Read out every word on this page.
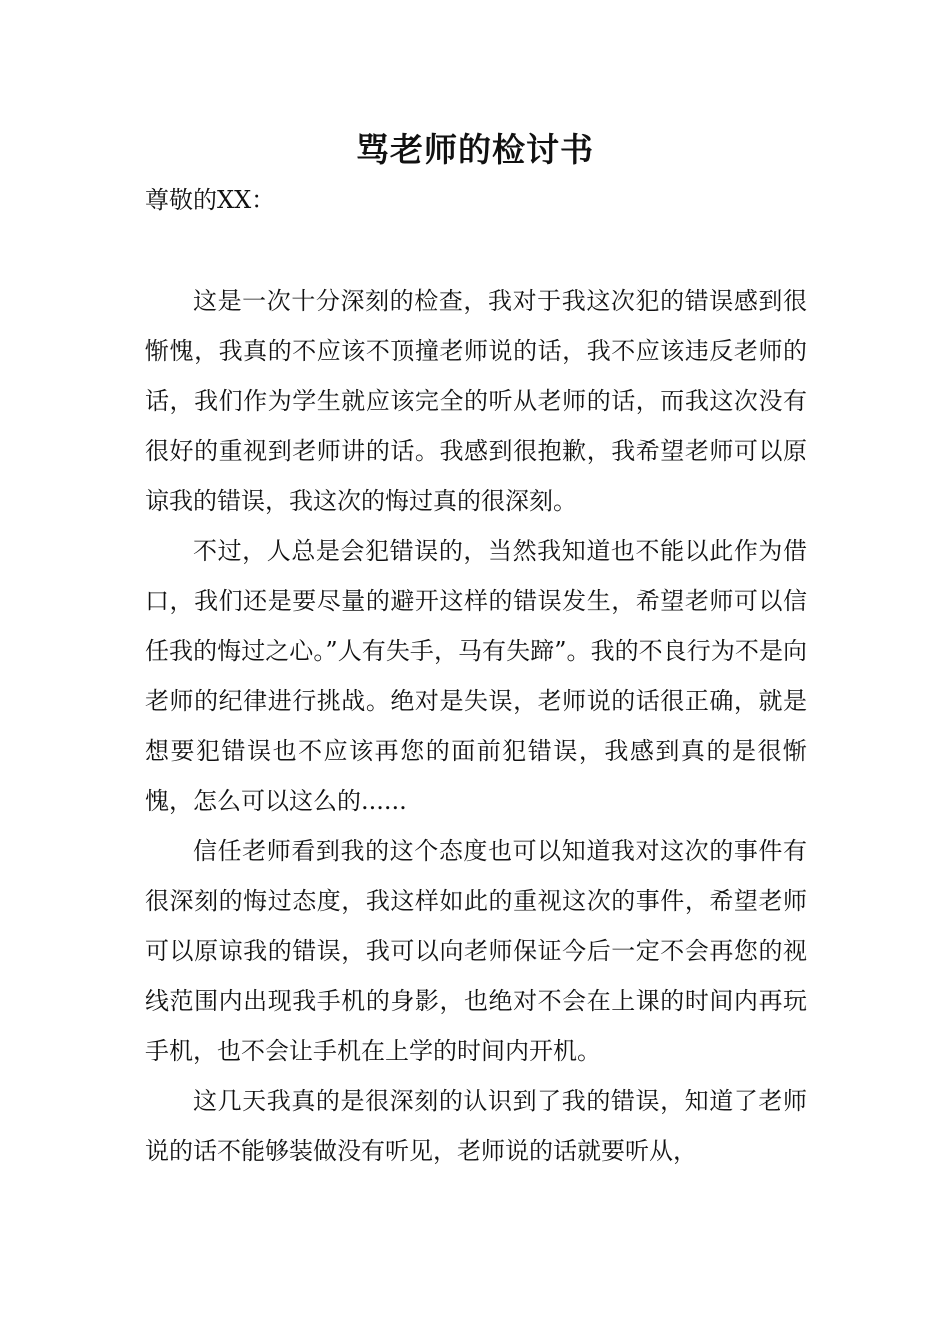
骂老师的检讨书
尊敬的XX：

这是一次十分深刻的检查，我对于我这次犯的错误感到很惭愧，我真的不应该不顶撞老师说的话，我不应该违反老师的话，我们作为学生就应该完全的听从老师的话，而我这次没有很好的重视到老师讲的话。我感到很抱歉，我希望老师可以原谅我的错误，我这次的悔过真的很深刻。

不过，人总是会犯错误的，当然我知道也不能以此作为借口，我们还是要尽量的避开这样的错误发生，希望老师可以信任我的悔过之心。”人有失手，马有失蹄”。我的不良行为不是向老师的纪律进行挑战。绝对是失误，老师说的话很正确，就是想要犯错误也不应该再您的面前犯错误，我感到真的是很惭愧，怎么可以这么的......

信任老师看到我的这个态度也可以知道我对这次的事件有很深刻的悔过态度，我这样如此的重视这次的事件，希望老师可以原谅我的错误，我可以向老师保证今后一定不会再您的视线范围内出现我手机的身影，也绝对不会在上课的时间内再玩手机，也不会让手机在上学的时间内开机。

这几天我真的是很深刻的认识到了我的错误，知道了老师说的话不能够装做没有听见，老师说的话就要听从，
